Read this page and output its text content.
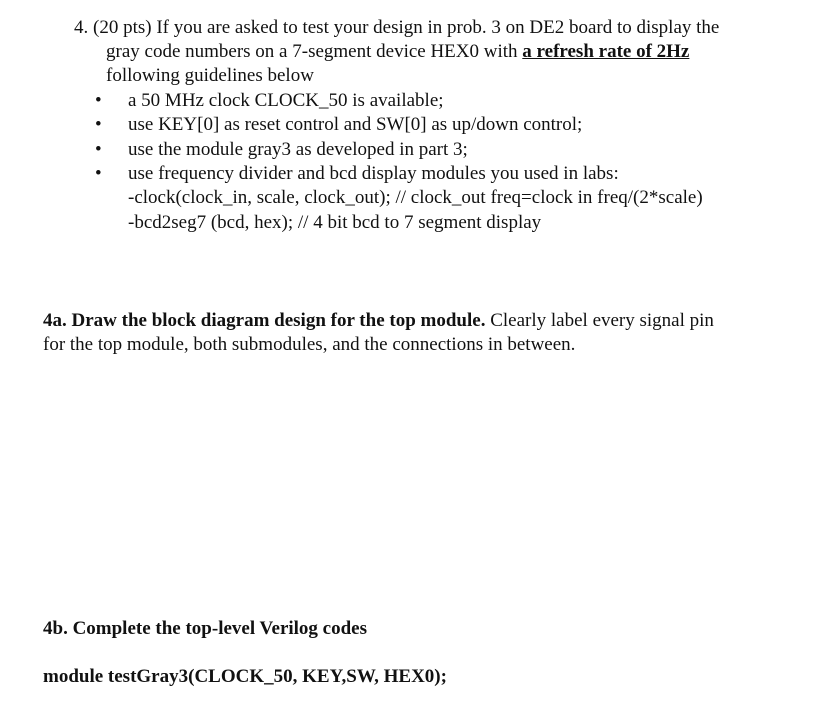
4. (20 pts) If you are asked to test your design in prob. 3 on DE2 board to display the
gray code numbers on a 7-segment device HEX0 with a refresh rate of 2Hz
following guidelines below
•
•
•
•
a 50 MHz clock CLOCK_50 is available;
use KEY[0] as reset control and SW[0] as up/down control;
use the module gray3 as developed in part 3;
use frequency divider and bcd display modules you used in labs:
-clock(clock_in, scale, clock_out); // clock_out freq=clock in freq/(2*scale)
-bcd2seg7 (bcd, hex); // 4 bit bcd to 7 segment display
4a. Draw the block diagram design for the top module. Clearly label every signal pin
for the top module, both submodules, and the connections in between.
4b. Complete the top-level Verilog codes
module testGray3(CLOCK_50, KEY,SW, HEX0);
